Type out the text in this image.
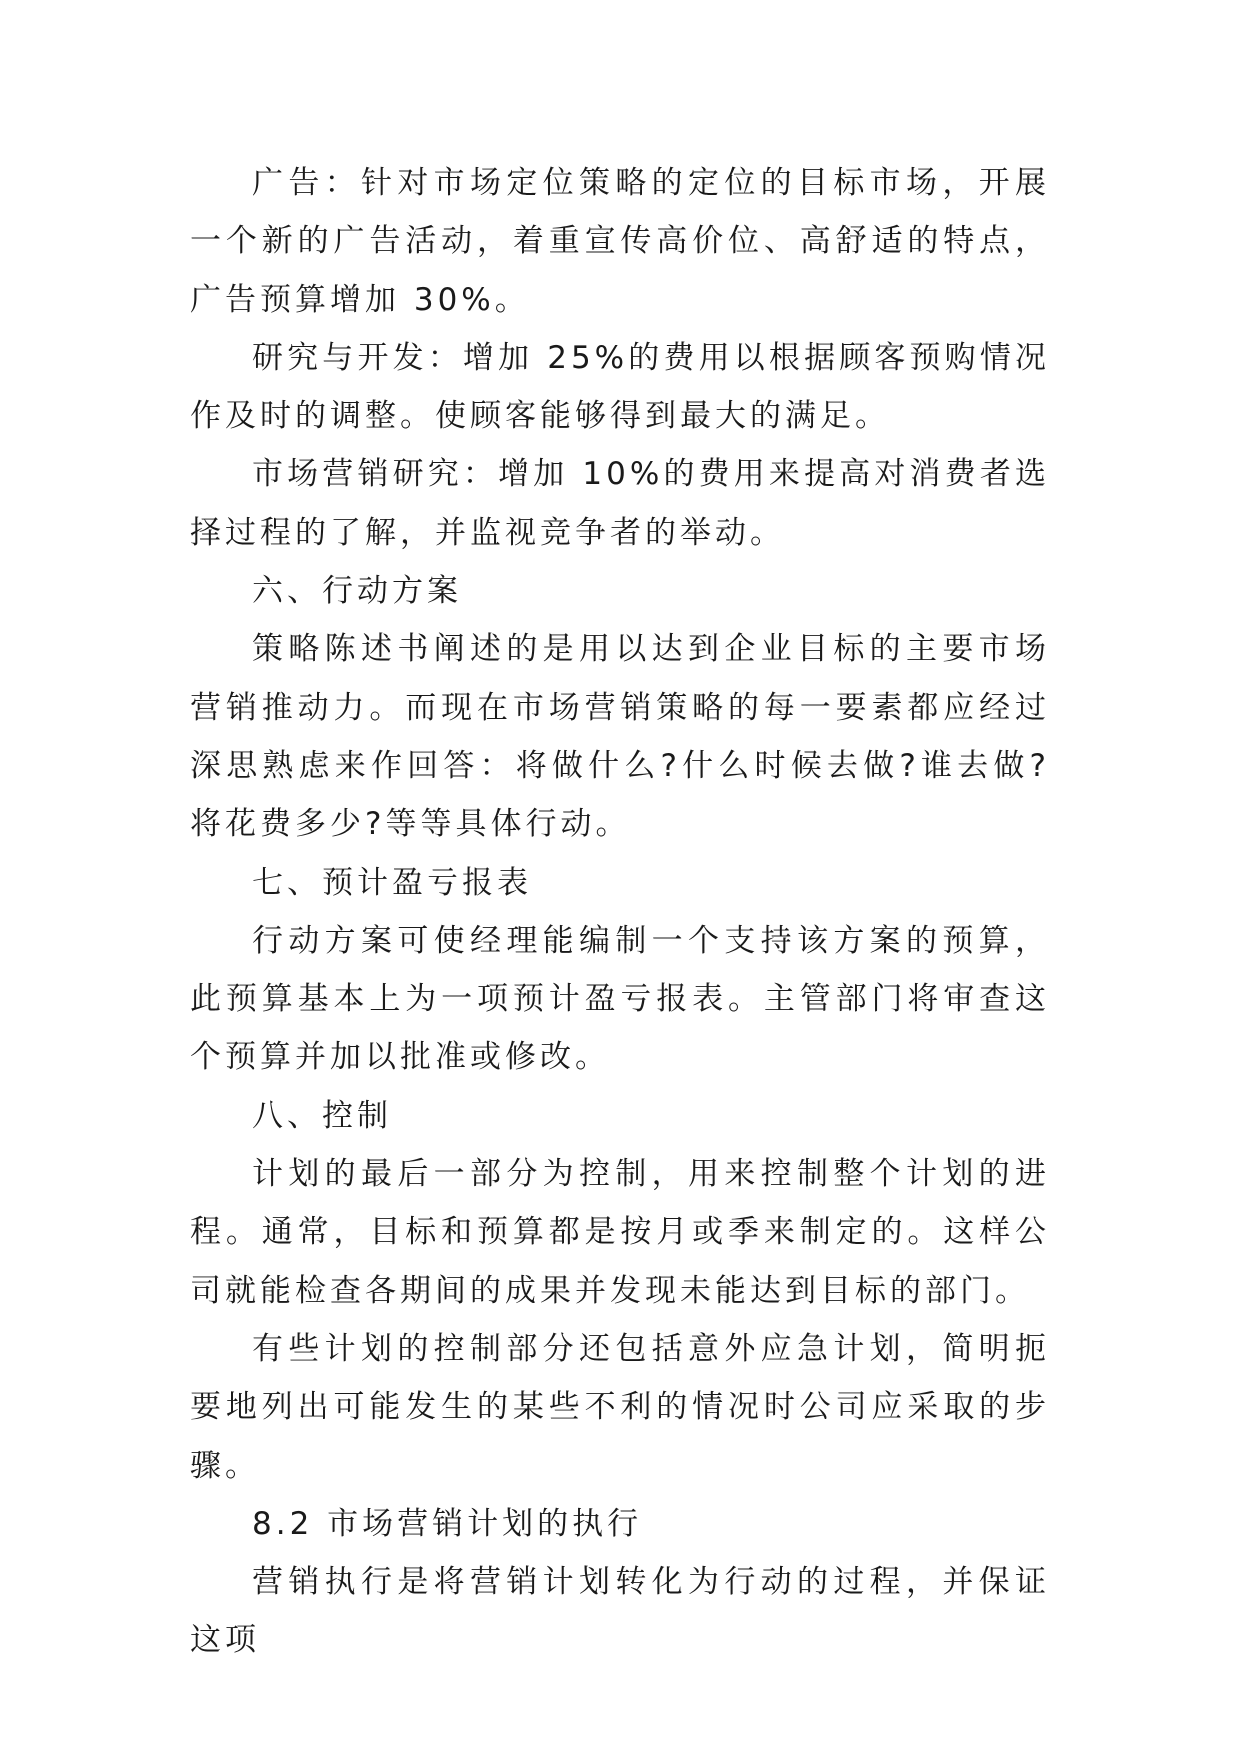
广告：针对市场定位策略的定位的目标市场，开展一个新的广告活动，着重宣传高价位、高舒适的特点，广告预算增加 30%。

研究与开发：增加 25%的费用以根据顾客预购情况作及时的调整。使顾客能够得到最大的满足。

市场营销研究：增加 10%的费用来提高对消费者选择过程的了解，并监视竞争者的举动。

六、行动方案

策略陈述书阐述的是用以达到企业目标的主要市场营销推动力。而现在市场营销策略的每一要素都应经过深思熟虑来作回答：将做什么?什么时候去做?谁去做?将花费多少?等等具体行动。

七、预计盈亏报表

行动方案可使经理能编制一个支持该方案的预算，此预算基本上为一项预计盈亏报表。主管部门将审查这个预算并加以批准或修改。

八、控制

计划的最后一部分为控制，用来控制整个计划的进程。通常，目标和预算都是按月或季来制定的。这样公司就能检查各期间的成果并发现未能达到目标的部门。

有些计划的控制部分还包括意外应急计划，简明扼要地列出可能发生的某些不利的情况时公司应采取的步骤。

8.2 市场营销计划的执行

营销执行是将营销计划转化为行动的过程，并保证这项
